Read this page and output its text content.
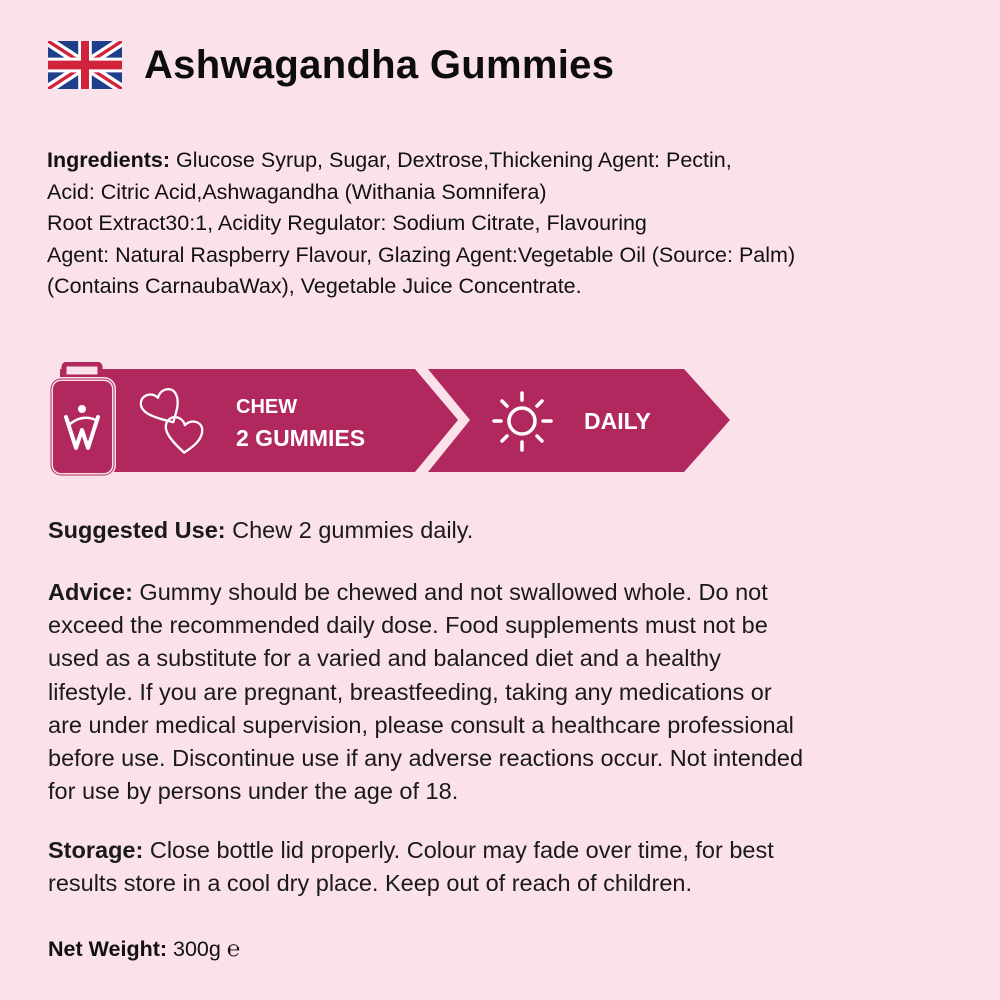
Ashwagandha Gummies
Ingredients: Glucose Syrup, Sugar, Dextrose,Thickening Agent: Pectin,
Acid: Citric Acid,Ashwagandha (Withania Somnifera)
Root Extract30:1, Acidity Regulator: Sodium Citrate, Flavouring
Agent: Natural Raspberry Flavour, Glazing Agent:Vegetable Oil (Source: Palm)
(Contains CarnaubaWax), Vegetable Juice Concentrate.
CHEW
2 GUMMIES
DAILY
Suggested Use: Chew 2 gummies daily.
Advice: Gummy should be chewed and not swallowed whole. Do not
exceed the recommended daily dose. Food supplements must not be
used as a substitute for a varied and balanced diet and a healthy
lifestyle. If you are pregnant, breastfeeding, taking any medications or
are under medical supervision, please consult a healthcare professional
before use. Discontinue use if any adverse reactions occur. Not intended
for use by persons under the age of 18.
Storage: Close bottle lid properly. Colour may fade over time, for best
results store in a cool dry place. Keep out of reach of children.
Net Weight: 300g ℮
